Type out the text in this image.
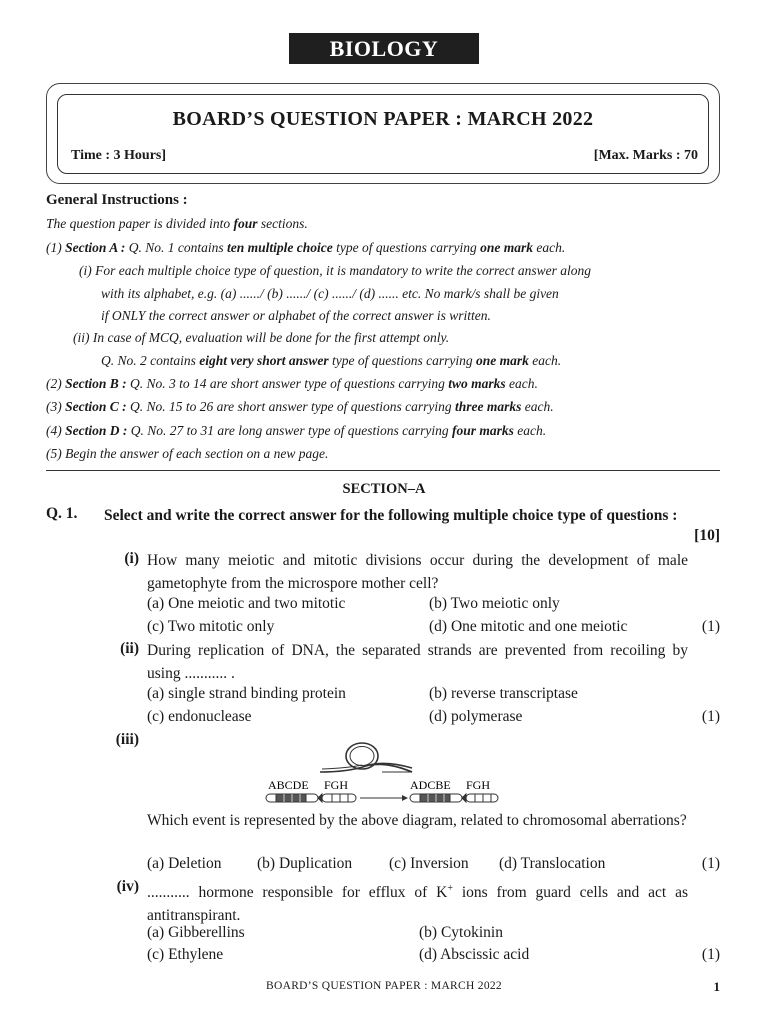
BIOLOGY
BOARD’S QUESTION PAPER : MARCH 2022
Time : 3 Hours]	[Max. Marks : 70
General Instructions :
The question paper is divided into four sections.
(1) Section A : Q. No. 1 contains ten multiple choice type of questions carrying one mark each.
(i) For each multiple choice type of question, it is mandatory to write the correct answer along
with its alphabet, e.g. (a) ....../ (b) ....../ (c) ....../ (d) ...... etc. No mark/s shall be given
if ONLY the correct answer or alphabet of the correct answer is written.
(ii) In case of MCQ, evaluation will be done for the first attempt only.
Q. No. 2 contains eight very short answer type of questions carrying one mark each.
(2) Section B : Q. No. 3 to 14 are short answer type of questions carrying two marks each.
(3) Section C : Q. No. 15 to 26 are short answer type of questions carrying three marks each.
(4) Section D : Q. No. 27 to 31 are long answer type of questions carrying four marks each.
(5) Begin the answer of each section on a new page.
SECTION–A
Q. 1. Select and write the correct answer for the following multiple choice type of questions :
[10]
(i) How many meiotic and mitotic divisions occur during the development of male gametophyte from the microspore mother cell?
(a) One meiotic and two mitotic	(b) Two meiotic only
(c) Two mitotic only	(d) One mitotic and one meiotic	(1)
(ii) During replication of DNA, the separated strands are prevented from recoiling by using ........... .
(a) single strand binding protein	(b) reverse transcriptase
(c) endonuclease	(d) polymerase	(1)
(iii)
ABCDE FGH	ADCBE FGH
Which event is represented by the above diagram, related to chromosomal aberrations?
(a) Deletion (b) Duplication (c) Inversion (d) Translocation	(1)
(iv) ........... hormone responsible for efflux of K+ ions from guard cells and act as antitranspirant.
(a) Gibberellins	(b) Cytokinin
(c) Ethylene	(d) Abscissic acid	(1)
BOARD’S QUESTION PAPER : MARCH 2022	1
